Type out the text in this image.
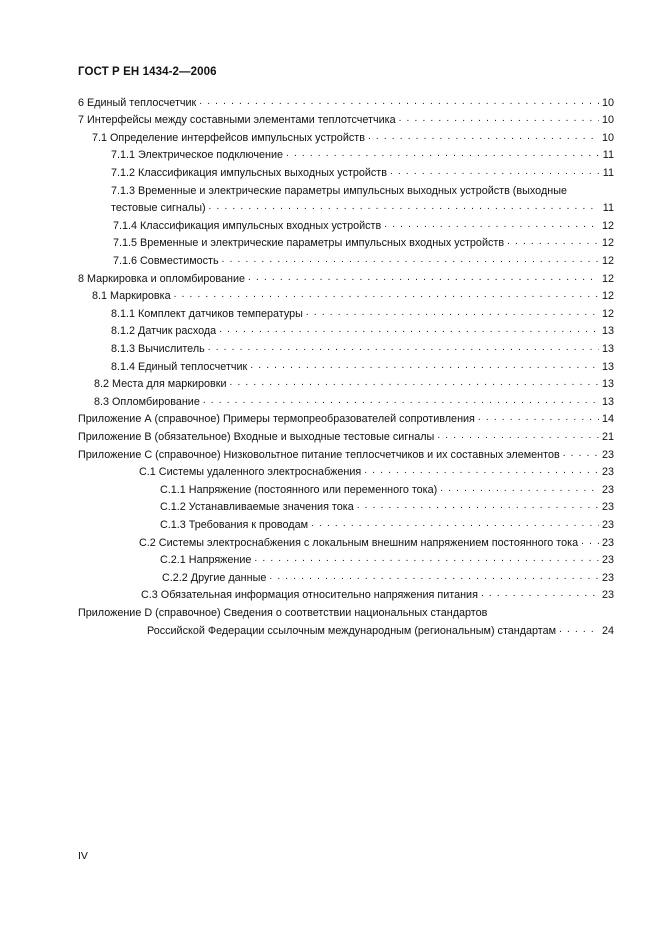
ГОСТ Р ЕН 1434-2—2006
6 Единый теплосчетчик . . .	10
7 Интерфейсы между составными элементами теплотсчетчика . . .	10
7.1 Определение интерфейсов импульсных устройств . . .	10
7.1.1 Электрическое подключение . . .	11
7.1.2 Классификация импульсных выходных устройств . . .	11
7.1.3 Временные и электрические параметры импульсных выходных устройств (выходные
тестовые сигналы) . . .	11
7.1.4 Классификация импульсных входных устройств . . .	12
7.1.5 Временные и электрические параметры импульсных входных устройств . . .	12
7.1.6 Совместимость . . .	12
8 Маркировка и опломбирование . . .	12
8.1 Маркировка . . .	12
8.1.1 Комплект датчиков температуры . . .	12
8.1.2 Датчик расхода . . .	13
8.1.3 Вычислитель . . .	13
8.1.4 Единый теплосчетчик . . .	13
8.2 Места для маркировки . . .	13
8.3 Опломбирование . . .	13
Приложение А (справочное) Примеры термопреобразователей сопротивления . . .	14
Приложение В (обязательное) Входные и выходные тестовые сигналы . . .	21
Приложение С (справочное) Низковольтное питание теплосчетчиков и их составных элементов . . .	23
С.1 Системы удаленного электроснабжения . . .	23
С.1.1 Напряжение (постоянного или переменного тока) . . .	23
С.1.2 Устанавливаемые значения тока . . .	23
С.1.3 Требования к проводам . . .	23
С.2 Системы электроснабжения с локальным внешним напряжением постоянного тока . . . 23
С.2.1 Напряжение . . .	23
С.2.2 Другие данные . . .	23
С.3 Обязательная информация относительно напряжения питания . . .	23
Приложение D (справочное) Сведения о соответствии национальных стандартов
Российской Федерации ссылочным международным (региональным) стандартам . . .	24
IV
